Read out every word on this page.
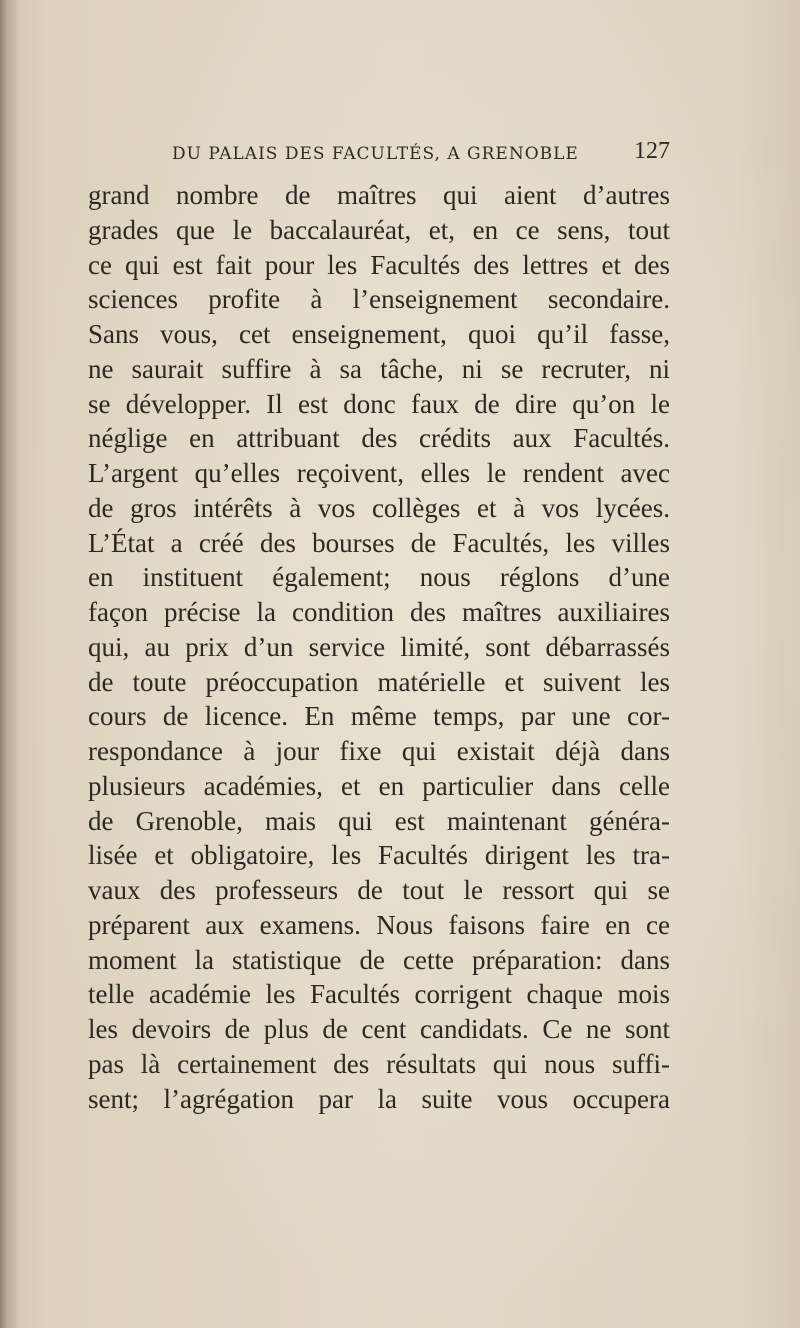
DU PALAIS DES FACULTÉS, A GRENOBLE 127
grand nombre de maîtres qui aient d’autres
grades que le baccalauréat, et, en ce sens, tout
ce qui est fait pour les Facultés des lettres et des
sciences profite à l’enseignement secondaire.
Sans vous, cet enseignement, quoi qu’il fasse,
ne saurait suffire à sa tâche, ni se recruter, ni
se développer. Il est donc faux de dire qu’on le
néglige en attribuant des crédits aux Facultés.
L’argent qu’elles reçoivent, elles le rendent avec
de gros intérêts à vos collèges et à vos lycées.
L’État a créé des bourses de Facultés, les villes
en instituent également; nous réglons d’une
façon précise la condition des maîtres auxiliaires
qui, au prix d’un service limité, sont débarrassés
de toute préoccupation matérielle et suivent les
cours de licence. En même temps, par une cor-
respondance à jour fixe qui existait déjà dans
plusieurs académies, et en particulier dans celle
de Grenoble, mais qui est maintenant généra-
lisée et obligatoire, les Facultés dirigent les tra-
vaux des professeurs de tout le ressort qui se
préparent aux examens. Nous faisons faire en ce
moment la statistique de cette préparation: dans
telle académie les Facultés corrigent chaque mois
les devoirs de plus de cent candidats. Ce ne sont
pas là certainement des résultats qui nous suffi-
sent; l’agrégation par la suite vous occupera
